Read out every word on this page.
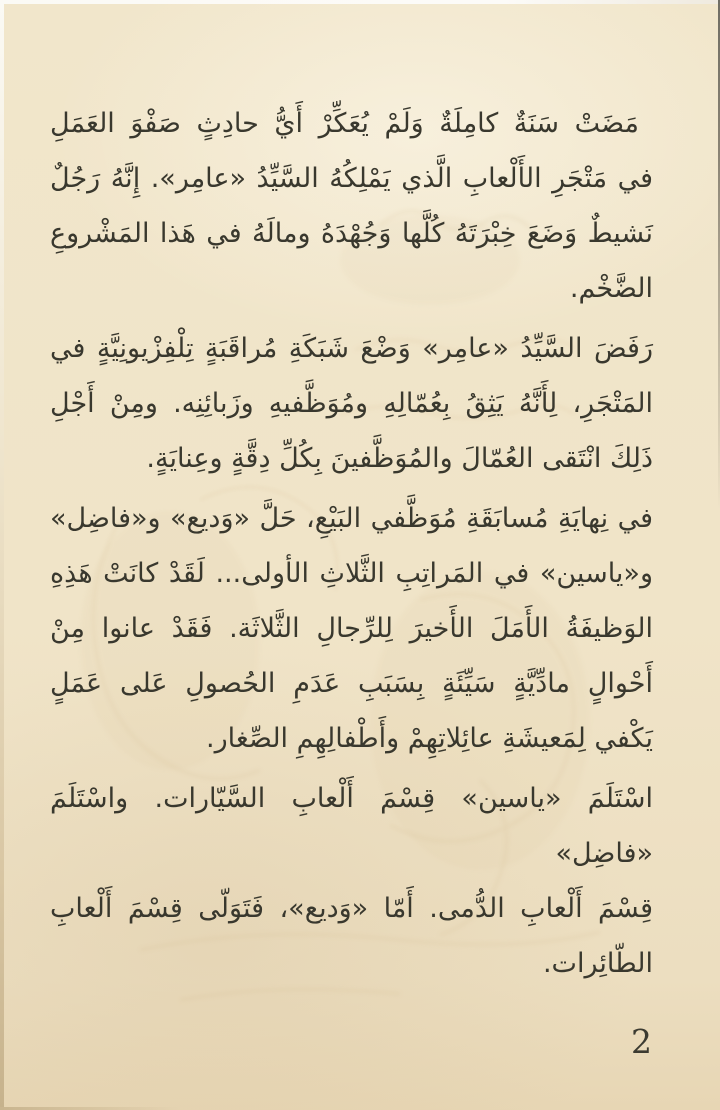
مَضَتْ سَنَةٌ كامِلَةٌ وَلَمْ يُعَكِّرْ أَيُّ حادِثٍ صَفْوَ العَمَلِ
في مَتْجَرِ الأَلْعابِ الَّذي يَمْلِكُهُ السَّيِّدُ «عامِر». إِنَّهُ رَجُلٌ
نَشيطٌ وَضَعَ خِبْرَتَهُ كُلَّها وَجُهْدَهُ ومالَهُ في هَذا المَشْروعِ
الضَّخْم.
رَفَضَ السَّيِّدُ «عامِر» وَضْعَ شَبَكَةِ مُراقَبَةٍ تِلْفِزْيونِيَّةٍ في
المَتْجَرِ، لِأَنَّهُ يَثِقُ بِعُمّالِهِ ومُوَظَّفيهِ وزَبائِنِه. ومِنْ أَجْلِ
ذَلِكَ انْتَقى العُمّالَ والمُوَظَّفينَ بِكُلِّ دِقَّةٍ وعِنايَةٍ.
في نِهايَةِ مُسابَقَةِ مُوَظَّفي البَيْعِ، حَلَّ «وَديع» و«فاضِل»
و«ياسين» في المَراتِبِ الثَّلاثِ الأولى... لَقَدْ كانَتْ هَذِهِ
الوَظيفَةُ الأَمَلَ الأَخيرَ لِلرِّجالِ الثَّلاثَة. فَقَدْ عانوا مِنْ
أَحْوالٍ مادِّيَّةٍ سَيِّئَةٍ بِسَبَبِ عَدَمِ الحُصولِ عَلى عَمَلٍ
يَكْفي لِمَعيشَةِ عائِلاتِهِمْ وأَطْفالِهِمِ الصِّغار.
اسْتَلَمَ «ياسين» قِسْمَ أَلْعابِ السَّيّارات. واسْتَلَمَ «فاضِل»
قِسْمَ أَلْعابِ الدُّمى. أَمّا «وَديع»، فَتَوَلّى قِسْمَ أَلْعابِ
الطّائِرات.
2
